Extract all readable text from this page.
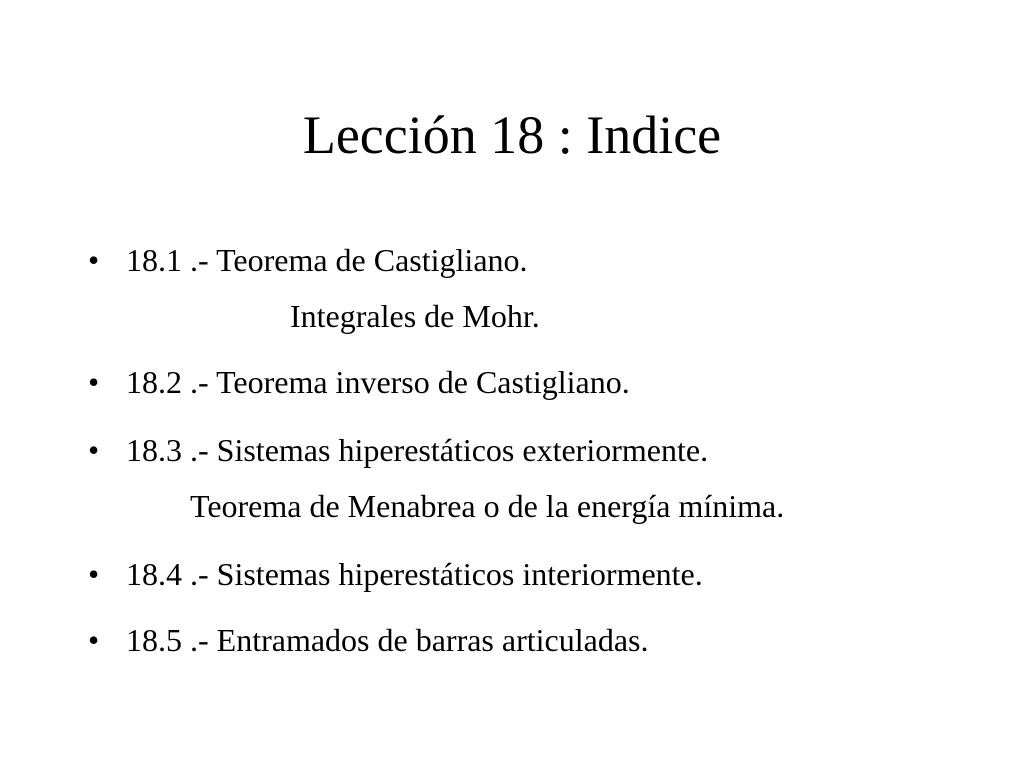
Lección 18 : Indice
• 18.1 .- Teorema de Castigliano.
Integrales de Mohr.
• 18.2 .- Teorema inverso de Castigliano.
• 18.3 .- Sistemas hiperestáticos exteriormente.
Teorema de Menabrea o de la energía mínima.
• 18.4 .- Sistemas hiperestáticos interiormente.
• 18.5 .- Entramados de barras articuladas.
